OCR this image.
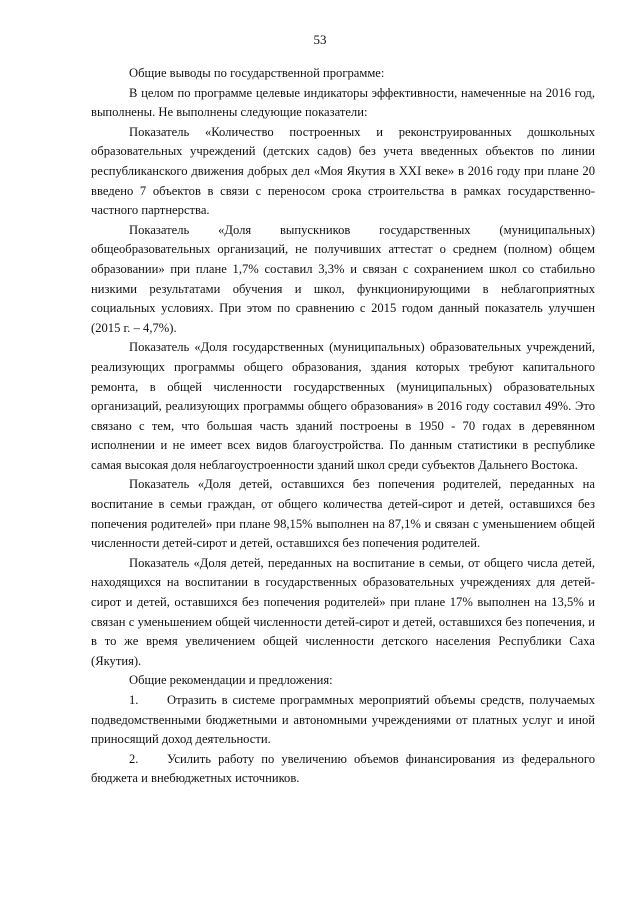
53

Общие выводы по государственной программе:

В целом по программе целевые индикаторы эффективности, намеченные на 2016 год, выполнены. Не выполнены следующие показатели:

Показатель «Количество построенных и реконструированных дошкольных образовательных учреждений (детских садов) без учета введенных объектов по линии республиканского движения добрых дел «Моя Якутия в XXI веке» в 2016 году при плане 20 введено 7 объектов в связи с переносом срока строительства в рамках государственно-частного партнерства.

Показатель «Доля выпускников государственных (муниципальных) общеобразовательных организаций, не получивших аттестат о среднем (полном) общем образовании» при плане 1,7% составил 3,3% и связан с сохранением школ со стабильно низкими результатами обучения и школ, функционирующими в неблагоприятных социальных условиях. При этом по сравнению с 2015 годом данный показатель улучшен (2015 г. – 4,7%).

Показатель «Доля государственных (муниципальных) образовательных учреждений, реализующих программы общего образования, здания которых требуют капитального ремонта, в общей численности государственных (муниципальных) образовательных организаций, реализующих программы общего образования» в 2016 году составил 49%. Это связано с тем, что большая часть зданий построены в 1950 - 70 годах в деревянном исполнении и не имеет всех видов благоустройства. По данным статистики в республике самая высокая доля неблагоустроенности зданий школ среди субъектов Дальнего Востока.

Показатель «Доля детей, оставшихся без попечения родителей, переданных на воспитание в семьи граждан, от общего количества детей-сирот и детей, оставшихся без попечения родителей» при плане 98,15% выполнен на 87,1% и связан с уменьшением общей численности детей-сирот и детей, оставшихся без попечения родителей.

Показатель «Доля детей, переданных на воспитание в семьи, от общего числа детей, находящихся на воспитании в государственных образовательных учреждениях для детей-сирот и детей, оставшихся без попечения родителей» при плане 17% выполнен на 13,5% и связан с уменьшением общей численности детей-сирот и детей, оставшихся без попечения, и в то же время увеличением общей численности детского населения Республики Саха (Якутия).

Общие рекомендации и предложения:

1. Отразить в системе программных мероприятий объемы средств, получаемых подведомственными бюджетными и автономными учреждениями от платных услуг и иной приносящий доход деятельности.

2. Усилить работу по увеличению объемов финансирования из федерального бюджета и внебюджетных источников.
